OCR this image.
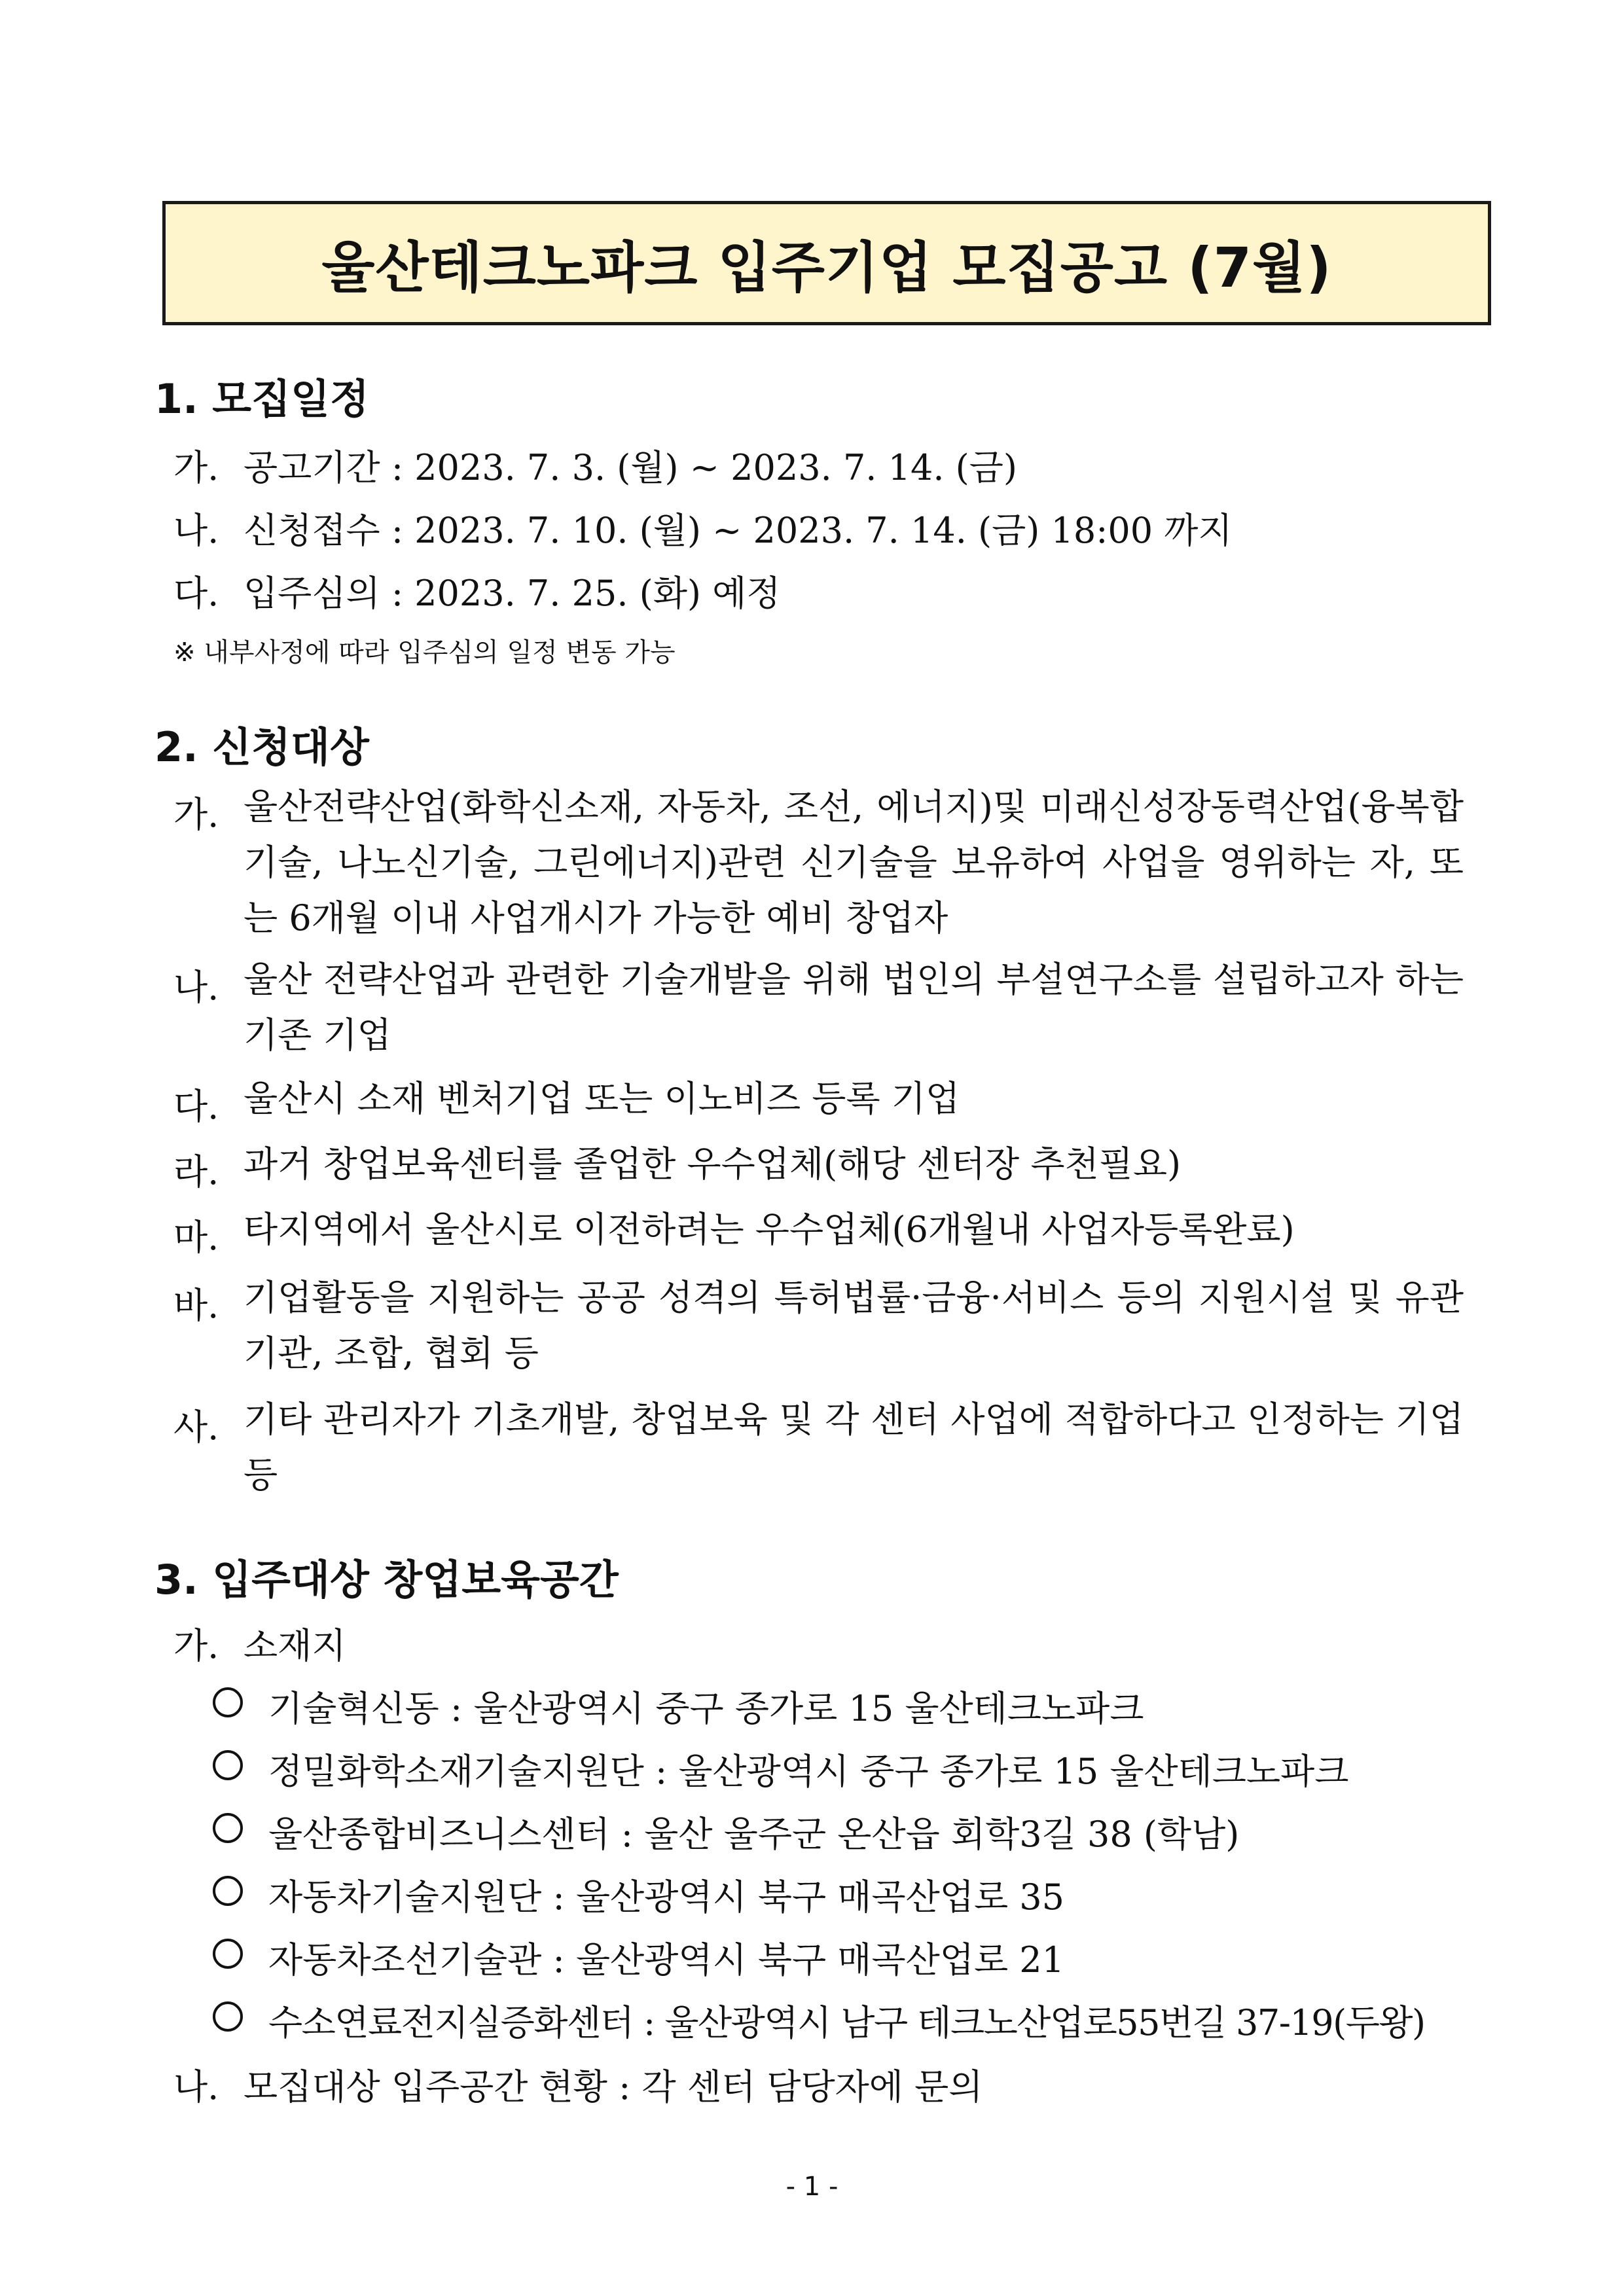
울산테크노파크 입주기업 모집공고 (7월)
1. 모집일정
가. 공고기간 : 2023. 7. 3. (월) ~ 2023. 7. 14. (금)
나. 신청접수 : 2023. 7. 10. (월) ~ 2023. 7. 14. (금) 18:00 까지
다. 입주심의 : 2023. 7. 25. (화) 예정
※ 내부사정에 따라 입주심의 일정 변동 가능
2. 신청대상
가. 울산전략산업(화학신소재, 자동차, 조선, 에너지)및 미래신성장동력산업(융복합기술, 나노신기술, 그린에너지)관련 신기술을 보유하여 사업을 영위하는 자, 또는 6개월 이내 사업개시가 가능한 예비 창업자
나. 울산 전략산업과 관련한 기술개발을 위해 법인의 부설연구소를 설립하고자 하는 기존 기업
다. 울산시 소재 벤처기업 또는 이노비즈 등록 기업
라. 과거 창업보육센터를 졸업한 우수업체(해당 센터장 추천필요)
마. 타지역에서 울산시로 이전하려는 우수업체(6개월내 사업자등록완료)
바. 기업활동을 지원하는 공공 성격의 특허법률·금융·서비스 등의 지원시설 및 유관기관, 조합, 협회 등
사. 기타 관리자가 기초개발, 창업보육 및 각 센터 사업에 적합하다고 인정하는 기업 등
3. 입주대상 창업보육공간
가. 소재지
기술혁신동 : 울산광역시 중구 종가로 15 울산테크노파크
정밀화학소재기술지원단 : 울산광역시 중구 종가로 15 울산테크노파크
울산종합비즈니스센터 : 울산 울주군 온산읍 회학3길 38 (학남)
자동차기술지원단 : 울산광역시 북구 매곡산업로 35
자동차조선기술관 : 울산광역시 북구 매곡산업로 21
수소연료전지실증화센터 : 울산광역시 남구 테크노산업로55번길 37-19(두왕)
나. 모집대상 입주공간 현황 : 각 센터 담당자에 문의
- 1 -
